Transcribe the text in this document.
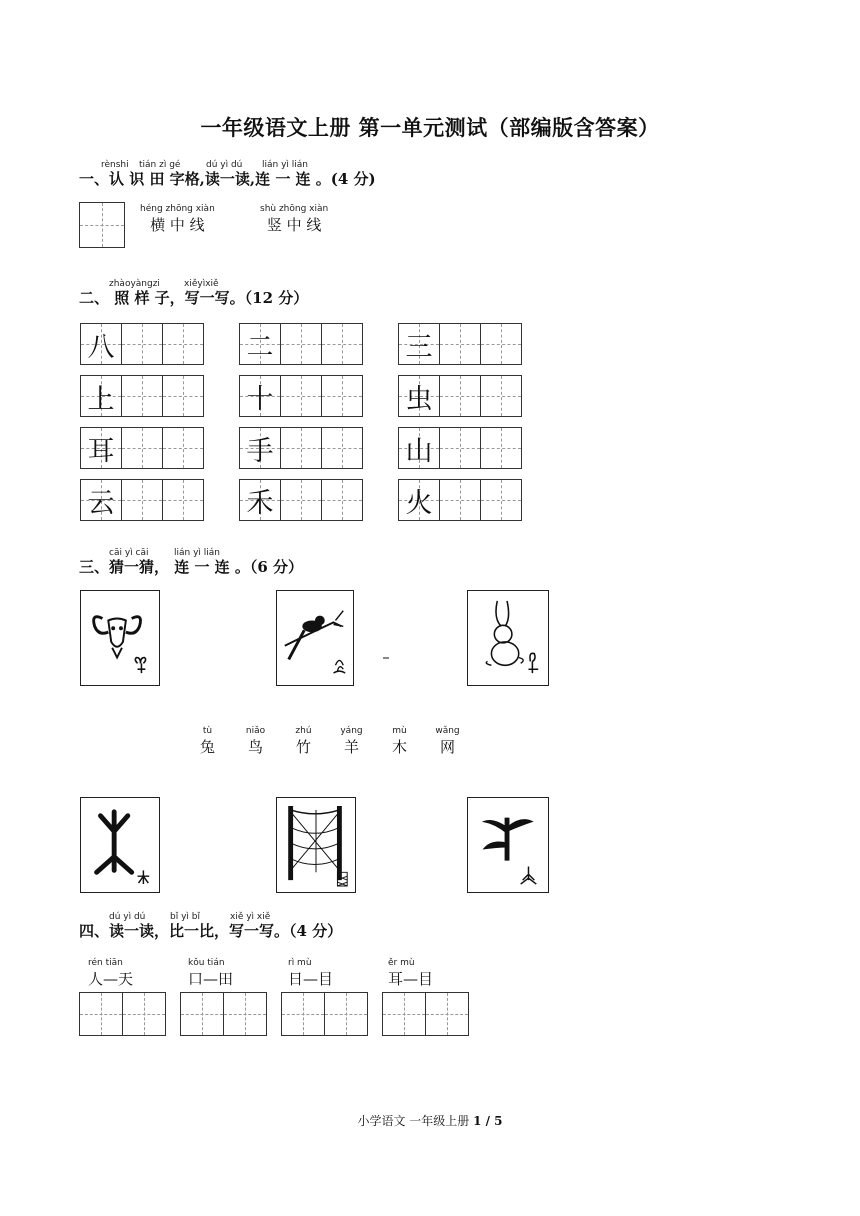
一年级语文上册 第一单元测试（部编版含答案）
rènshi tián zì gé	dú yì dú lián yì lián
一、认 识 田 字格,读一读,连 一 连 。(4 分)
héng zhōng xiàn
横 中 线
shù zhōng xiàn
竖 中 线
zhàoyàngzi	xiěyìxiě
二、 照 样 子，写一写。（12 分）
八	二	三
上	十	虫
耳	手	山
云	禾	火
cāi yì cāi	lián yì lián
三、猜一猜， 连 一 连 。（6 分）
tù
兔
niǎo
鸟
zhú
竹
yáng
羊
mù
木
wǎng
网
dú yì dú	bǐ yì bǐ	xiě yì xiě
四、读一读，比一比，写一写。（4 分）
rén tiān
人—天
kǒu tián
口—田
rì mù
日—目
ěr mù
耳—目
小学语文 一年级上册 1 / 5
